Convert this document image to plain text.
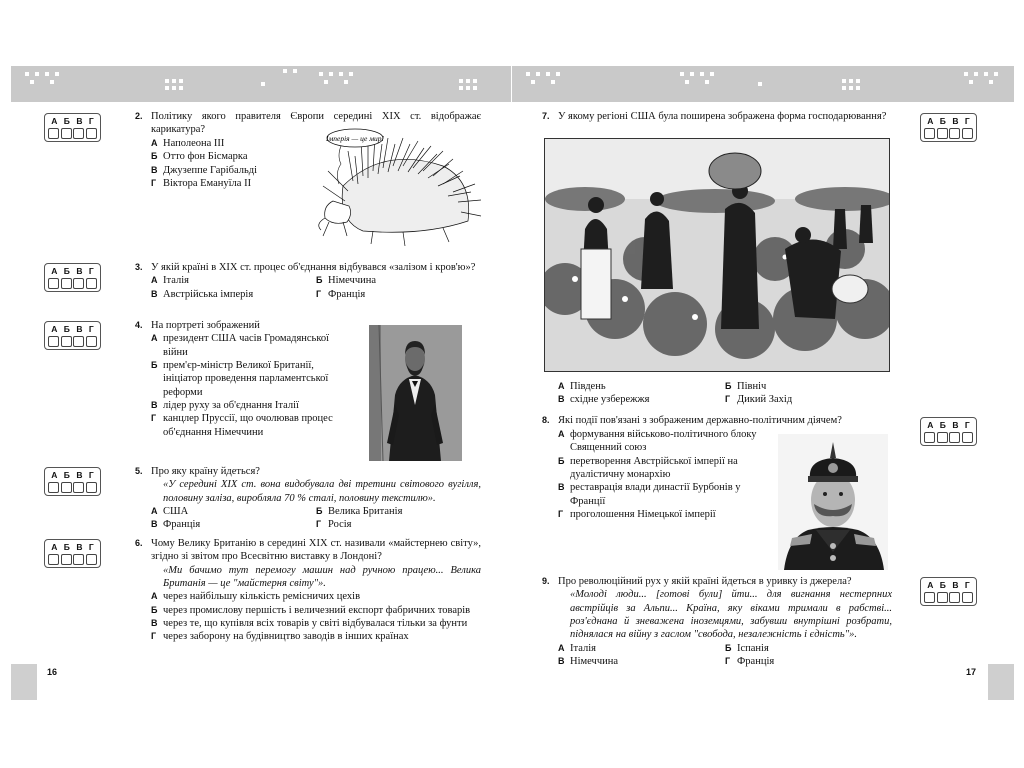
А Б В Г
А Б В Г
А Б В Г
А Б В Г
А Б В Г
2. Політику якого правителя Європи середині XIX ст. відображає карикатура?
А Наполеона ІІІ
Б Отто фон Бісмарка
В Джузеппе Гарібальді
Г Віктора Емануїла ІІ
Імперія — це мир!
3. У якій країні в XIX ст. процес об'єднання відбувався «залізом і кров'ю»?
А Італія	Б Німеччина
В Австрійська імперія	Г Франція
4. На портреті зображений
А президент США часів Громадянської війни
Б прем'єр-міністр Великої Британії, ініціатор проведення парламентської реформи
В лідер руху за об'єднання Італії
Г канцлер Пруссії, що очолював процес об'єднання Німеччини
5. Про яку країну йдеться?
«У середині XIX ст. вона видобувала дві третини світового вугілля, половину заліза, виробляла 70 % сталі, половину текстилю».
А США	Б Велика Британія
В Франція	Г Росія
6. Чому Велику Британію в середині XIX ст. називали «майстернею світу», згідно зі звітом про Всесвітню виставку в Лондоні?
«Ми бачимо тут перемогу машин над ручною працею... Велика Британія — це "майстерня світу"».
А через найбільшу кількість ремісничих цехів
Б через промислову першість і величезний експорт фабричних товарів
В через те, що купівля всіх товарів у світі відбувалася тільки за фунти
Г через заборону на будівництво заводів в інших країнах
16
А Б В Г
А Б В Г
А Б В Г
7. У якому регіоні США була поширена зображена форма господарювання?
А Південь	Б Північ
В східне узбережжя	Г Дикий Захід
8. Які події пов'язані з зображеним державно-політичним діячем?
А формування військово-політичного блоку Священний союз
Б перетворення Австрійської імперії на дуалістичну монархію
В реставрація влади династії Бурбонів у Франції
Г проголошення Німецької імперії
9. Про революційний рух у якій країні йдеться в уривку із джерела?
«Молоді люди... [готові були] йти... для вигнання нестерпних австрійців за Альпи... Країна, яку віками тримали в рабстві... роз'єднана й зневажена іноземцями, забувши внутрішні розбрати, піднялася на війну з гаслом "свобода, незалежність і єдність"».
А Італія	Б Іспанія
В Німеччина	Г Франція
17
